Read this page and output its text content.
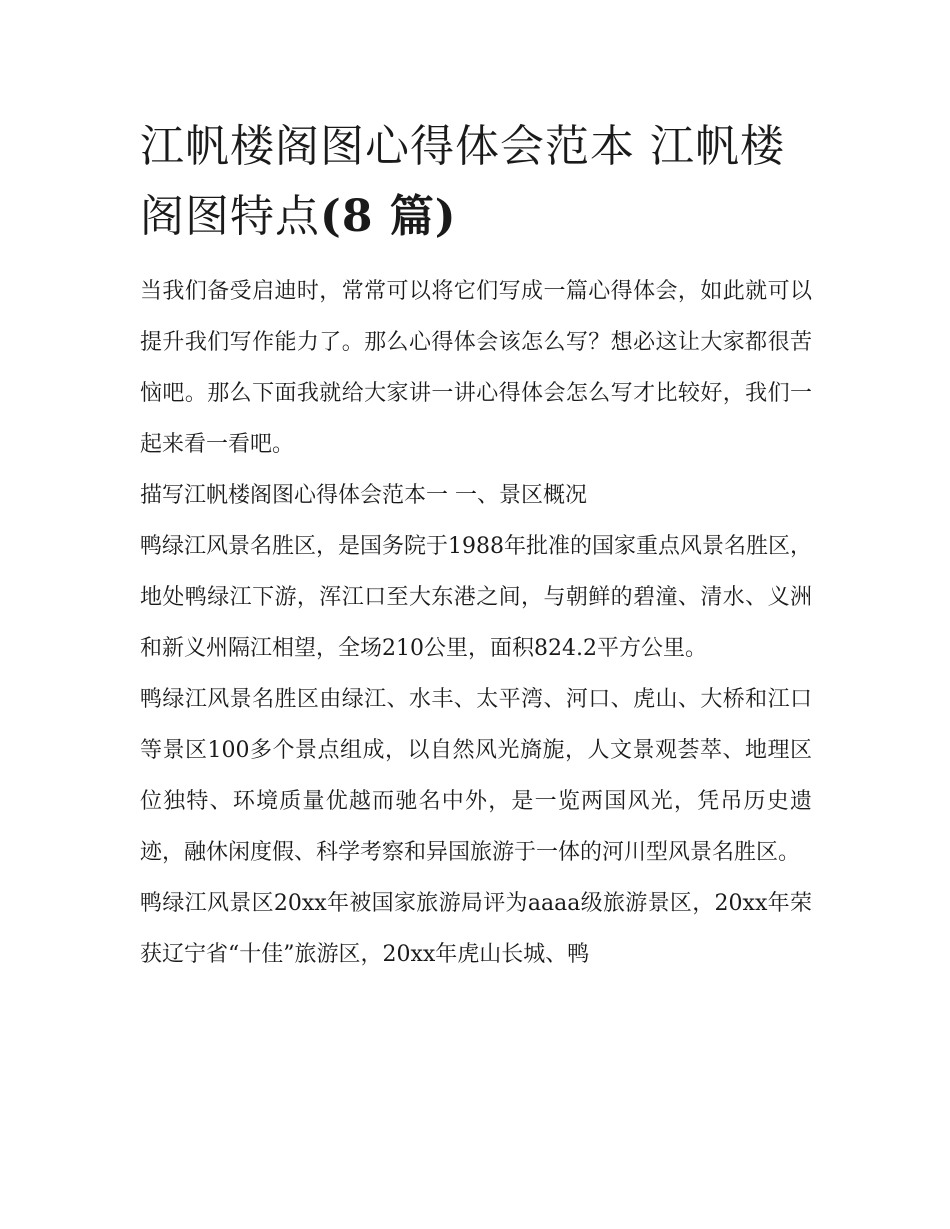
江帆楼阁图心得体会范本 江帆楼阁图特点(8 篇)

当我们备受启迪时，常常可以将它们写成一篇心得体会，如此就可以提升我们写作能力了。那么心得体会该怎么写？想必这让大家都很苦恼吧。那么下面我就给大家讲一讲心得体会怎么写才比较好，我们一起来看一看吧。

描写江帆楼阁图心得体会范本一 一、景区概况

鸭绿江风景名胜区，是国务院于1988年批准的国家重点风景名胜区，地处鸭绿江下游，浑江口至大东港之间，与朝鲜的碧潼、清水、义洲和新义州隔江相望，全场210公里，面积824.2平方公里。

鸭绿江风景名胜区由绿江、水丰、太平湾、河口、虎山、大桥和江口等景区100多个景点组成，以自然风光旖旎，人文景观荟萃、地理区位独特、环境质量优越而驰名中外，是一览两国风光，凭吊历史遗迹，融休闲度假、科学考察和异国旅游于一体的河川型风景名胜区。

鸭绿江风景区20xx年被国家旅游局评为aaaa级旅游景区，20xx年荣获辽宁省“十佳”旅游区，20xx年虎山长城、鸭
